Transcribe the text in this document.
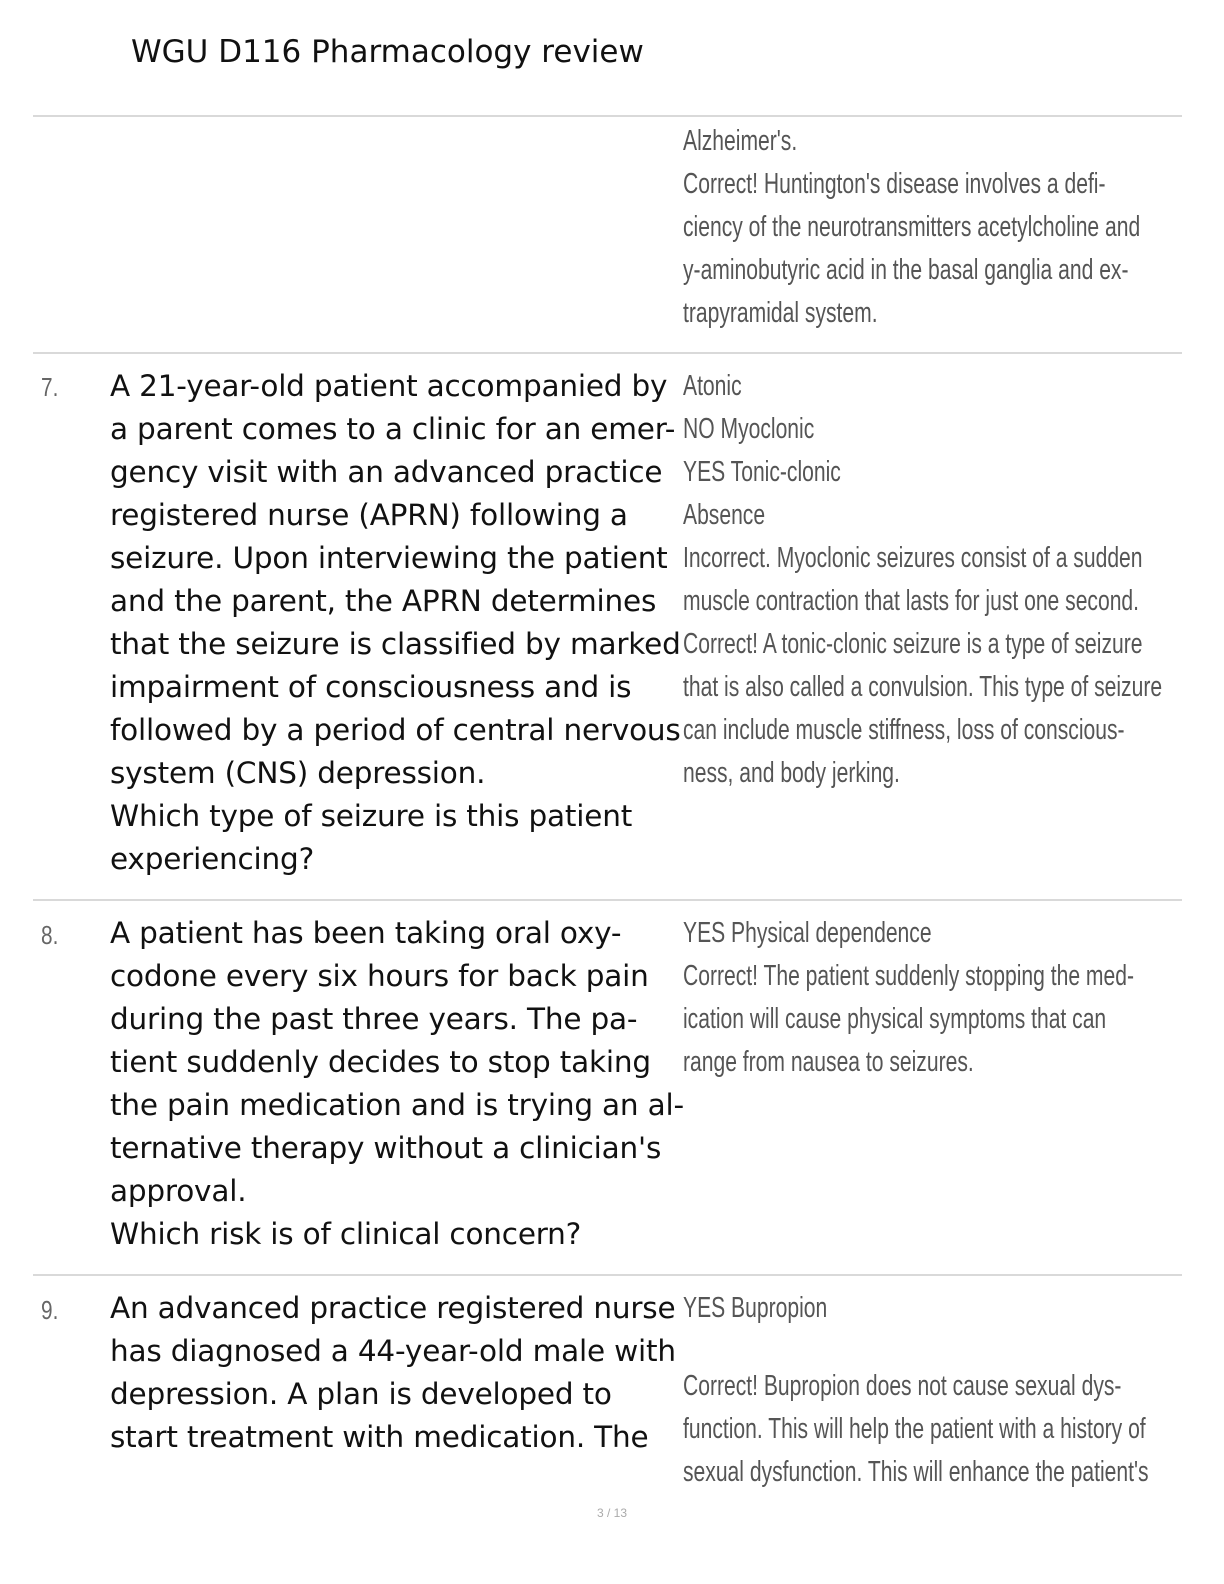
WGU D116 Pharmacology review
Alzheimer's.
Correct! Huntington's disease involves a defi-
ciency of the neurotransmitters acetylcholine and
y-aminobutyric acid in the basal ganglia and ex-
trapyramidal system.
7. A 21-year-old patient accompanied by
a parent comes to a clinic for an emer-
gency visit with an advanced practice
registered nurse (APRN) following a
seizure. Upon interviewing the patient
and the parent, the APRN determines
that the seizure is classified by marked
impairment of consciousness and is
followed by a period of central nervous
system (CNS) depression.
Which type of seizure is this patient
experiencing?
Atonic
NO Myoclonic
YES Tonic-clonic
Absence
Incorrect. Myoclonic seizures consist of a sudden
muscle contraction that lasts for just one second.
Correct! A tonic-clonic seizure is a type of seizure
that is also called a convulsion. This type of seizure
can include muscle stiffness, loss of conscious-
ness, and body jerking.
8. A patient has been taking oral oxy-
codone every six hours for back pain
during the past three years. The pa-
tient suddenly decides to stop taking
the pain medication and is trying an al-
ternative therapy without a clinician's
approval.
Which risk is of clinical concern?
YES Physical dependence
Correct! The patient suddenly stopping the med-
ication will cause physical symptoms that can
range from nausea to seizures.
9. An advanced practice registered nurse
has diagnosed a 44-year-old male with
depression. A plan is developed to
start treatment with medication. The
YES Bupropion
Correct! Bupropion does not cause sexual dys-
function. This will help the patient with a history of
sexual dysfunction. This will enhance the patient's
3 / 13
